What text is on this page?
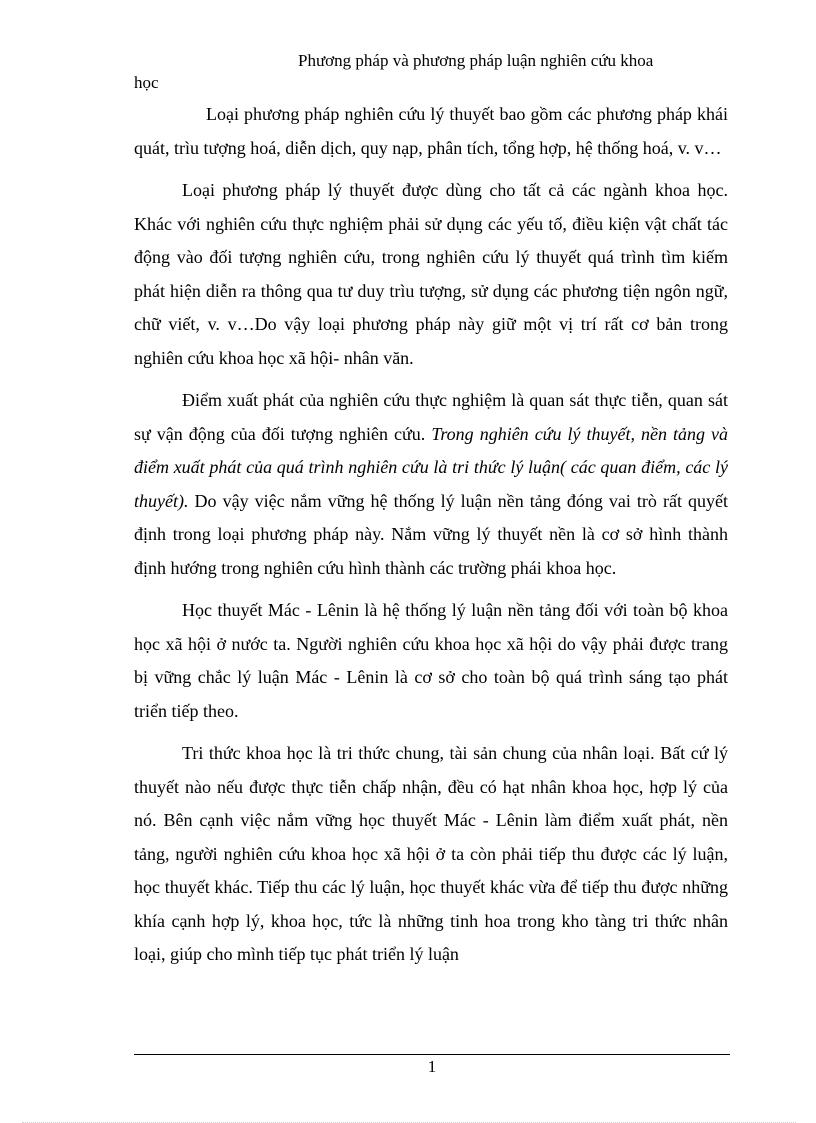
Phương pháp và phương pháp luận nghiên cứu khoa
học

Loại phương pháp nghiên cứu lý thuyết bao gồm các phương pháp khái quát, trìu tượng hoá, diễn dịch, quy nạp, phân tích, tổng hợp, hệ thống hoá, v. v…

Loại phương pháp lý thuyết được dùng cho tất cả các ngành khoa học. Khác với nghiên cứu thực nghiệm phải sử dụng các yếu tố, điều kiện vật chất tác động vào đối tượng nghiên cứu, trong nghiên cứu lý thuyết quá trình tìm kiếm phát hiện diễn ra thông qua tư duy trìu tượng, sử dụng các phương tiện ngôn ngữ, chữ viết, v. v…Do vậy loại phương pháp này giữ một vị trí rất cơ bản trong nghiên cứu khoa học xã hội- nhân văn.

Điểm xuất phát của nghiên cứu thực nghiệm là quan sát thực tiễn, quan sát sự vận động của đối tượng nghiên cứu. Trong nghiên cứu lý thuyết, nền tảng và điểm xuất phát của quá trình nghiên cứu là tri thức lý luận( các quan điểm, các lý thuyết). Do vậy việc nắm vững hệ thống lý luận nền tảng đóng vai trò rất quyết định trong loại phương pháp này. Nắm vững lý thuyết nền là cơ sở hình thành định hướng trong nghiên cứu hình thành các trường phái khoa học.

Học thuyết Mác - Lênin là hệ thống lý luận nền tảng đối với toàn bộ khoa học xã hội ở nước ta. Người nghiên cứu khoa học xã hội do vậy phải được trang bị vững chắc lý luận Mác - Lênin là cơ sở cho toàn bộ quá trình sáng tạo phát triển tiếp theo.

Tri thức khoa học là tri thức chung, tài sản chung của nhân loại. Bất cứ lý thuyết nào nếu được thực tiễn chấp nhận, đều có hạt nhân khoa học, hợp lý của nó. Bên cạnh việc nắm vững học thuyết Mác - Lênin làm điểm xuất phát, nền tảng, người nghiên cứu khoa học xã hội ở ta còn phải tiếp thu được các lý luận, học thuyết khác. Tiếp thu các lý luận, học thuyết khác vừa để tiếp thu được những khía cạnh hợp lý, khoa học, tức là những tinh hoa trong kho tàng tri thức nhân loại, giúp cho mình tiếp tục phát triển lý luận

1
